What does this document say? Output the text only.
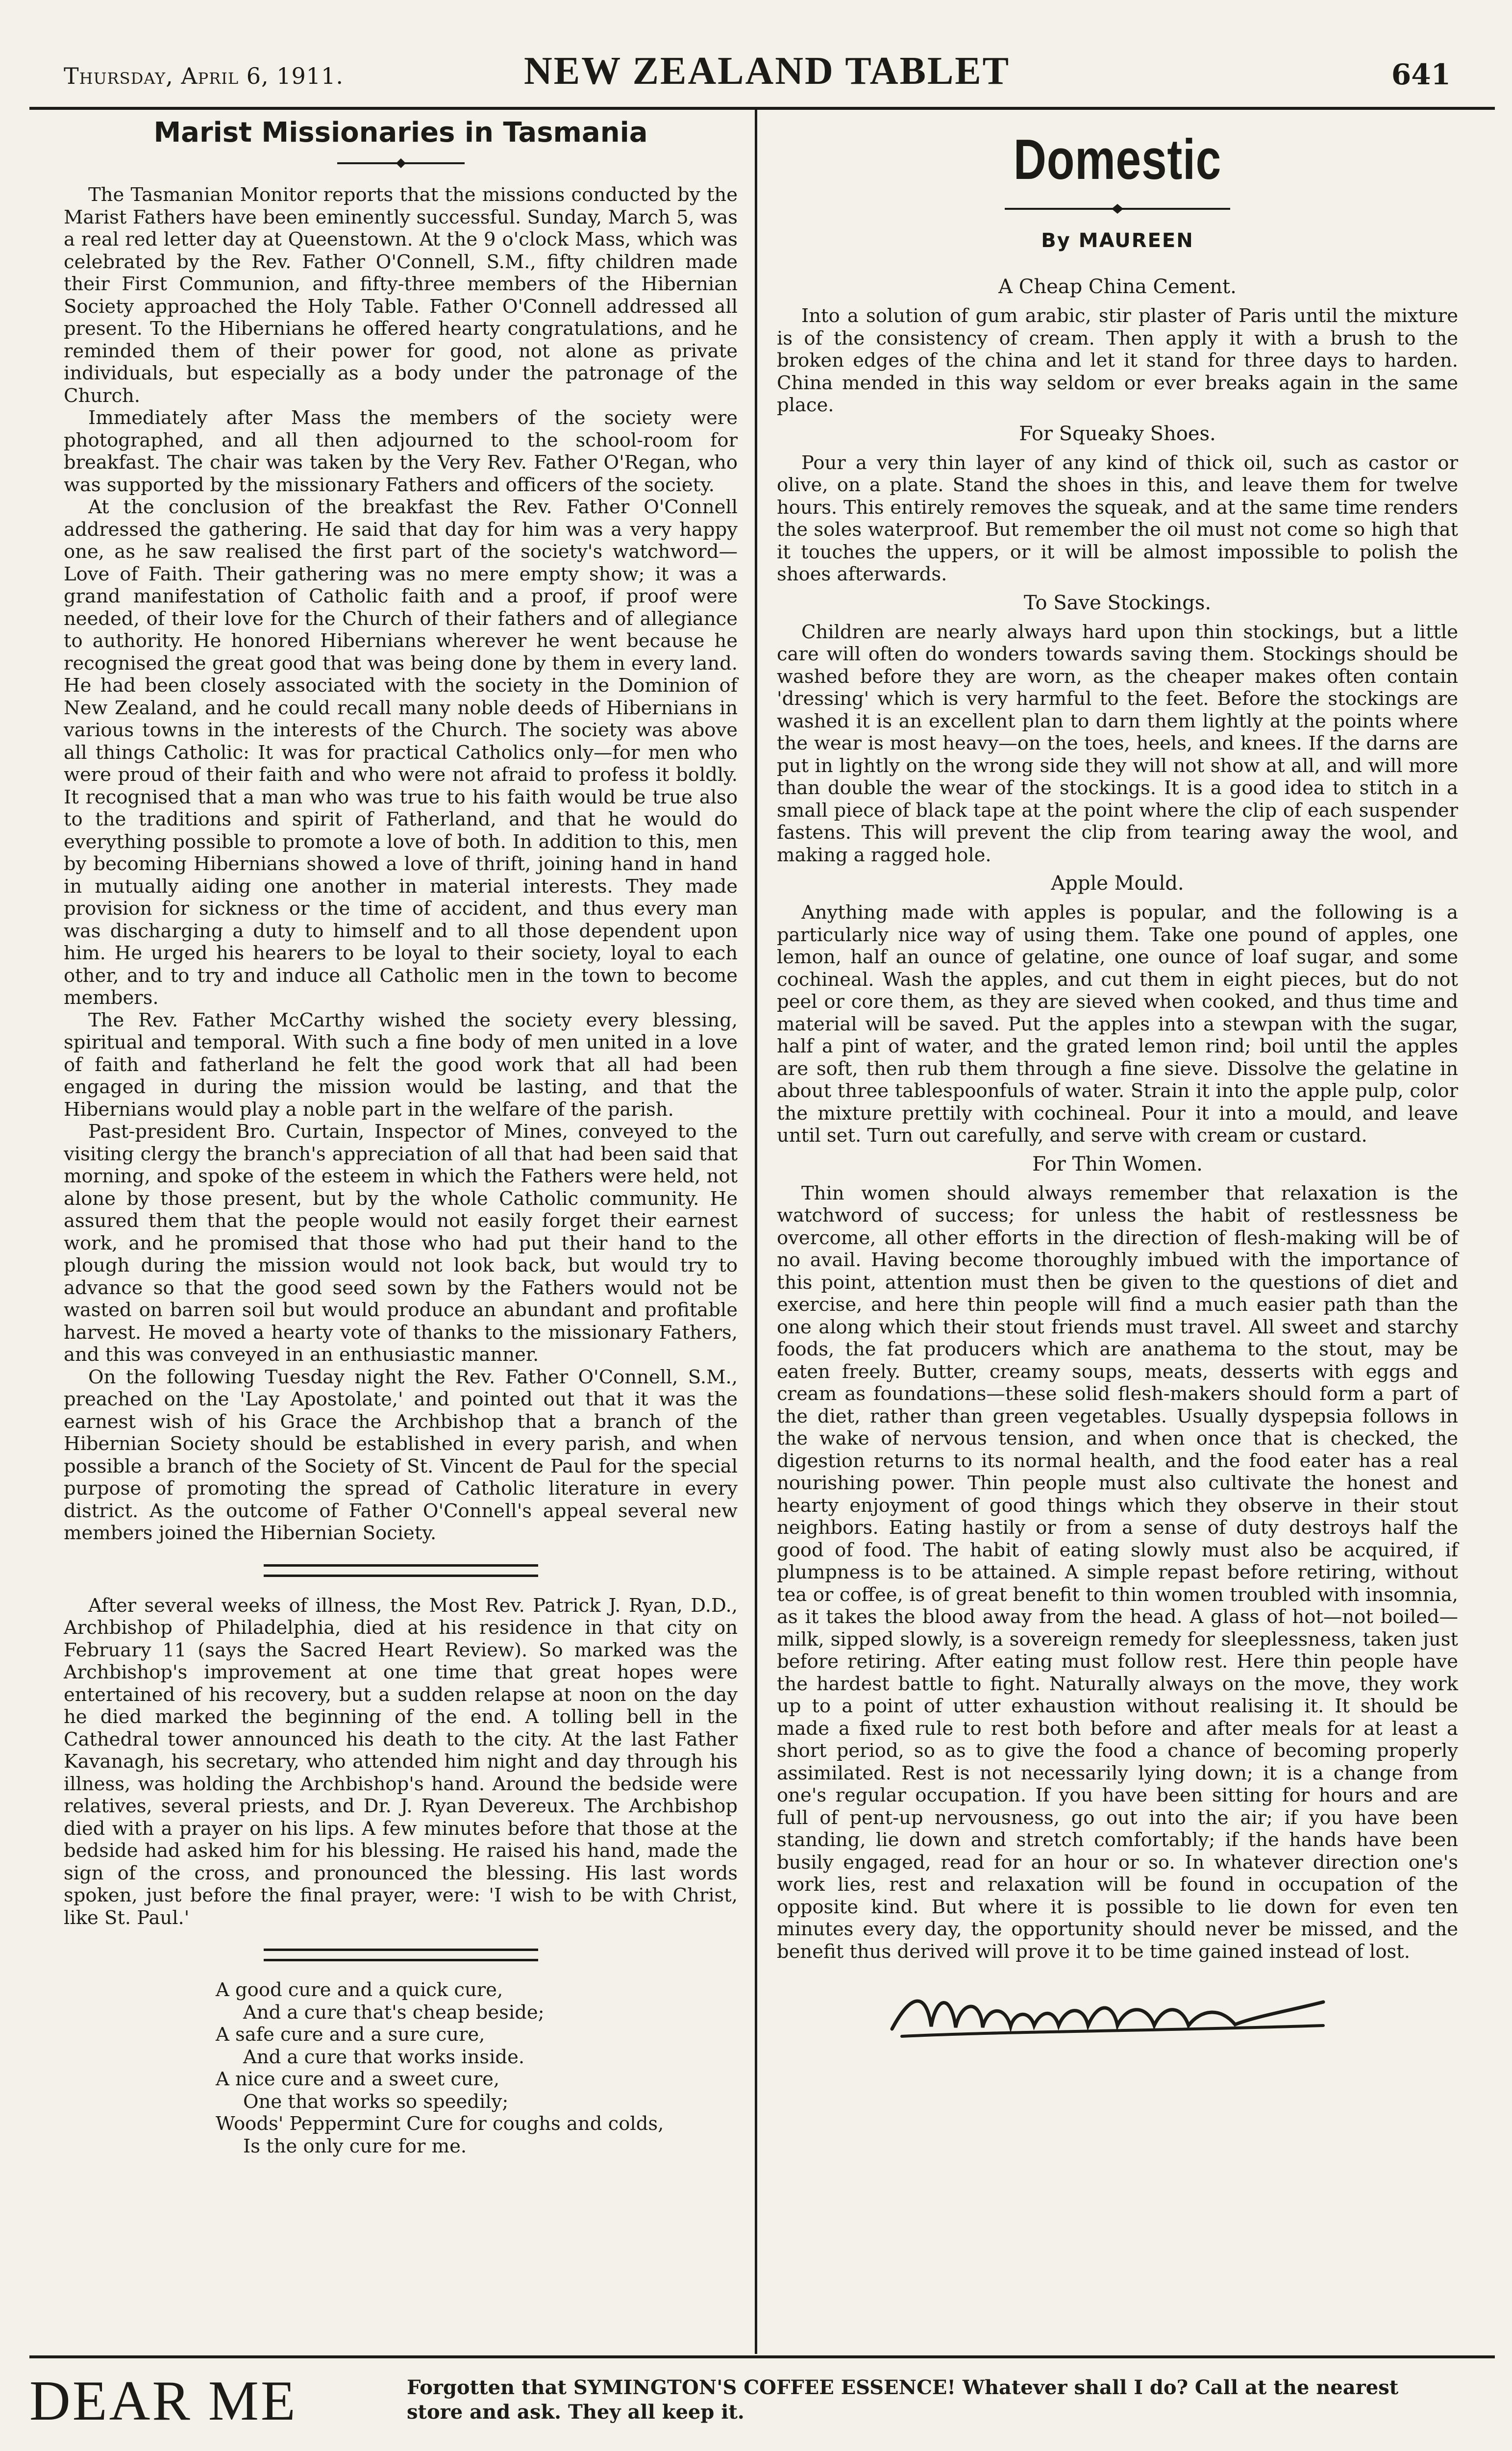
Thursday, April 6, 1911.	NEW ZEALAND TABLET	641
Marist Missionaries in Tasmania

The Tasmanian Monitor reports that the missions conducted by the Marist Fathers have been eminently successful. Sunday, March 5, was a real red letter day at Queenstown. At the 9 o'clock Mass, which was celebrated by the Rev. Father O'Connell, S.M., fifty children made their First Communion, and fifty-three members of the Hibernian Society approached the Holy Table. Father O'Connell addressed all present. To the Hibernians he offered hearty congratulations, and he reminded them of their power for good, not alone as private individuals, but especially as a body under the patronage of the Church.

Immediately after Mass the members of the society were photographed, and all then adjourned to the school-room for breakfast. The chair was taken by the Very Rev. Father O'Regan, who was supported by the missionary Fathers and officers of the society.

At the conclusion of the breakfast the Rev. Father O'Connell addressed the gathering. He said that day for him was a very happy one, as he saw realised the first part of the society's watchword—Love of Faith. Their gathering was no mere empty show; it was a grand manifestation of Catholic faith and a proof, if proof were needed, of their love for the Church of their fathers and of allegiance to authority. He honored Hibernians wherever he went because he recognised the great good that was being done by them in every land. He had been closely associated with the society in the Dominion of New Zealand, and he could recall many noble deeds of Hibernians in various towns in the interests of the Church. The society was above all things Catholic: It was for practical Catholics only—for men who were proud of their faith and who were not afraid to profess it boldly. It recognised that a man who was true to his faith would be true also to the traditions and spirit of Fatherland, and that he would do everything possible to promote a love of both. In addition to this, men by becoming Hibernians showed a love of thrift, joining hand in hand in mutually aiding one another in material interests. They made provision for sickness or the time of accident, and thus every man was discharging a duty to himself and to all those dependent upon him. He urged his hearers to be loyal to their society, loyal to each other, and to try and induce all Catholic men in the town to become members.

The Rev. Father McCarthy wished the society every blessing, spiritual and temporal. With such a fine body of men united in a love of faith and fatherland he felt the good work that all had been engaged in during the mission would be lasting, and that the Hibernians would play a noble part in the welfare of the parish.

Past-president Bro. Curtain, Inspector of Mines, conveyed to the visiting clergy the branch's appreciation of all that had been said that morning, and spoke of the esteem in which the Fathers were held, not alone by those present, but by the whole Catholic community. He assured them that the people would not easily forget their earnest work, and he promised that those who had put their hand to the plough during the mission would not look back, but would try to advance so that the good seed sown by the Fathers would not be wasted on barren soil but would produce an abundant and profitable harvest. He moved a hearty vote of thanks to the missionary Fathers, and this was conveyed in an enthusiastic manner.

On the following Tuesday night the Rev. Father O'Connell, S.M., preached on the 'Lay Apostolate,' and pointed out that it was the earnest wish of his Grace the Archbishop that a branch of the Hibernian Society should be established in every parish, and when possible a branch of the Society of St. Vincent de Paul for the special purpose of promoting the spread of Catholic literature in every district. As the outcome of Father O'Connell's appeal several new members joined the Hibernian Society.

After several weeks of illness, the Most Rev. Patrick J. Ryan, D.D., Archbishop of Philadelphia, died at his residence in that city on February 11 (says the Sacred Heart Review). So marked was the Archbishop's improvement at one time that great hopes were entertained of his recovery, but a sudden relapse at noon on the day he died marked the beginning of the end. A tolling bell in the Cathedral tower announced his death to the city. At the last Father Kavanagh, his secretary, who attended him night and day through his illness, was holding the Archbishop's hand. Around the bedside were relatives, several priests, and Dr. J. Ryan Devereux. The Archbishop died with a prayer on his lips. A few minutes before that those at the bedside had asked him for his blessing. He raised his hand, made the sign of the cross, and pronounced the blessing. His last words spoken, just before the final prayer, were: 'I wish to be with Christ, like St. Paul.'

A good cure and a quick cure,
And a cure that's cheap beside;
A safe cure and a sure cure,
And a cure that works inside.
A nice cure and a sweet cure,
One that works so speedily;
Woods' Peppermint Cure for coughs and colds,
Is the only cure for me.
Domestic
By MAUREEN
A Cheap China Cement.

Into a solution of gum arabic, stir plaster of Paris until the mixture is of the consistency of cream. Then apply it with a brush to the broken edges of the china and let it stand for three days to harden. China mended in this way seldom or ever breaks again in the same place.

For Squeaky Shoes.

Pour a very thin layer of any kind of thick oil, such as castor or olive, on a plate. Stand the shoes in this, and leave them for twelve hours. This entirely removes the squeak, and at the same time renders the soles waterproof. But remember the oil must not come so high that it touches the uppers, or it will be almost impossible to polish the shoes afterwards.

To Save Stockings.

Children are nearly always hard upon thin stockings, but a little care will often do wonders towards saving them. Stockings should be washed before they are worn, as the cheaper makes often contain 'dressing' which is very harmful to the feet. Before the stockings are washed it is an excellent plan to darn them lightly at the points where the wear is most heavy—on the toes, heels, and knees. If the darns are put in lightly on the wrong side they will not show at all, and will more than double the wear of the stockings. It is a good idea to stitch in a small piece of black tape at the point where the clip of each suspender fastens. This will prevent the clip from tearing away the wool, and making a ragged hole.

Apple Mould.

Anything made with apples is popular, and the following is a particularly nice way of using them. Take one pound of apples, one lemon, half an ounce of gelatine, one ounce of loaf sugar, and some cochineal. Wash the apples, and cut them in eight pieces, but do not peel or core them, as they are sieved when cooked, and thus time and material will be saved. Put the apples into a stewpan with the sugar, half a pint of water, and the grated lemon rind; boil until the apples are soft, then rub them through a fine sieve. Dissolve the gelatine in about three tablespoonfuls of water. Strain it into the apple pulp, color the mixture prettily with cochineal. Pour it into a mould, and leave until set. Turn out carefully, and serve with cream or custard.

For Thin Women.

Thin women should always remember that relaxation is the watchword of success; for unless the habit of restlessness be overcome, all other efforts in the direction of flesh-making will be of no avail. Having become thoroughly imbued with the importance of this point, attention must then be given to the questions of diet and exercise, and here thin people will find a much easier path than the one along which their stout friends must travel. All sweet and starchy foods, the fat producers which are anathema to the stout, may be eaten freely. Butter, creamy soups, meats, desserts with eggs and cream as foundations—these solid flesh-makers should form a part of the diet, rather than green vegetables. Usually dyspepsia follows in the wake of nervous tension, and when once that is checked, the digestion returns to its normal health, and the food eater has a real nourishing power. Thin people must also cultivate the honest and hearty enjoyment of good things which they observe in their stout neighbors. Eating hastily or from a sense of duty destroys half the good of food. The habit of eating slowly must also be acquired, if plumpness is to be attained. A simple repast before retiring, without tea or coffee, is of great benefit to thin women troubled with insomnia, as it takes the blood away from the head. A glass of hot—not boiled—milk, sipped slowly, is a sovereign remedy for sleeplessness, taken just before retiring. After eating must follow rest. Here thin people have the hardest battle to fight. Naturally always on the move, they work up to a point of utter exhaustion without realising it. It should be made a fixed rule to rest both before and after meals for at least a short period, so as to give the food a chance of becoming properly assimilated. Rest is not necessarily lying down; it is a change from one's regular occupation. If you have been sitting for hours and are full of pent-up nervousness, go out into the air; if you have been standing, lie down and stretch comfortably; if the hands have been busily engaged, read for an hour or so. In whatever direction one's work lies, rest and relaxation will be found in occupation of the opposite kind. But where it is possible to lie down for even ten minutes every day, the opportunity should never be missed, and the benefit thus derived will prove it to be time gained instead of lost.

DEAR ME	Forgotten that SYMINGTON'S COFFEE ESSENCE! Whatever shall I do? Call at the nearest store and ask. They all keep it.
